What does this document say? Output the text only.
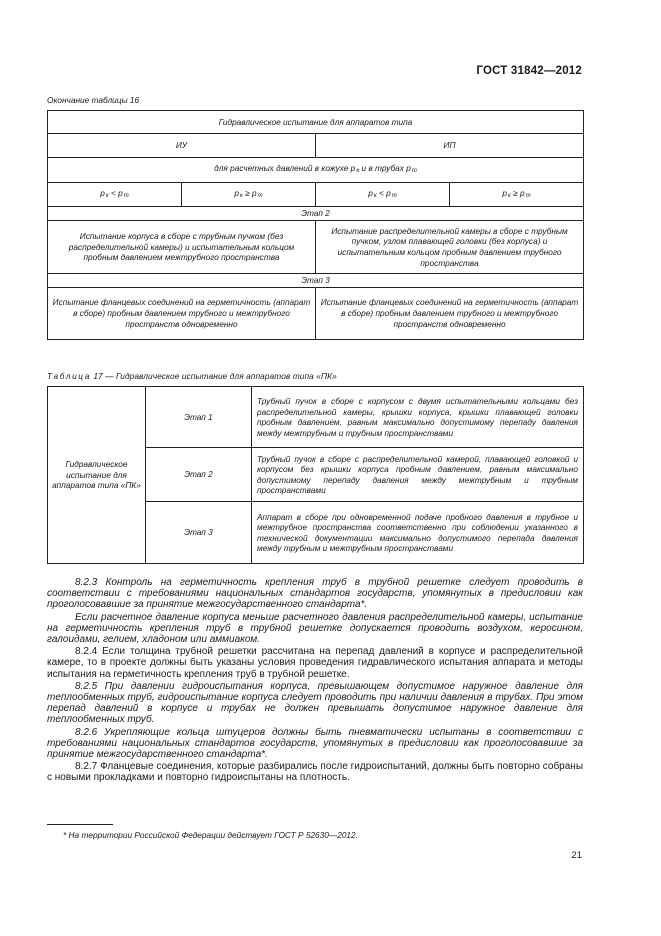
ГОСТ 31842—2012
Окончание таблицы 16
Гидравлическое испытание для аппаратов типа			
ИУ		ИП	
для расчетных давлений в кожухе pк и в трубах pт			
pк < pт	pк ≥ pт	pк < pт	pк ≥ pт
Этап 2			
Испытание корпуса в сборе с трубным пучком (без распределительной камеры) и испытательным кольцом пробным давлением межтрубного пространства		Испытание распределительной камеры в сборе с трубным пучком, узлом плавающей головки (без корпуса) и испытательным кольцом пробным давлением трубного пространства	
Этап 3			
Испытание фланцевых соединений на герметичность (аппарат в сборе) пробным давлением трубного и межтрубного пространств одновременно		Испытание фланцевых соединений на герметичность (аппарат в сборе) пробным давлением трубного и межтрубного пространств одновременно	
Таблица 17 — Гидравлическое испытание для аппаратов типа «ПК»
Гидравлическое испытание для аппаратов типа «ПК»	Этап 1	Трубный пучок в сборе с корпусом с двумя испытательными кольцами без распределительной камеры, крышки корпуса, крышки плавающей головки пробным давлением, равным максимально допустимому перепаду давления между межтрубным и трубным пространствами
	Этап 2	Трубный пучок в сборе с распределительной камерой, плавающей головкой и корпусом без крышки корпуса пробным давлением, равным максимально допустимому перепаду давления между межтрубным и трубным пространствами
	Этап 3	Аппарат в сборе при одновременной подаче пробного давления в трубное и межтрубное пространства соответственно при соблюдении указанного в технической документации максимально допустимого перепада давления между трубным и межтрубным пространствами

8.2.3 Контроль на герметичность крепления труб в трубной решетке следует проводить в соответствии с требованиями национальных стандартов государств, упомянутых в предисловии как проголосовавшие за принятие межгосударственного стандарта*.

Если расчетное давление корпуса меньше расчетного давления распределительной камеры, испытание на герметичность крепления труб в трубной решетке допускается проводить воздухом, керосином, галоидами, гелием, хладоном или аммиаком.

8.2.4 Если толщина трубной решетки рассчитана на перепад давлений в корпусе и распределительной камере, то в проекте должны быть указаны условия проведения гидравлического испытания аппарата и методы испытания на герметичность крепления труб в трубной решетке.

8.2.5 При давлении гидроиспытания корпуса, превышающем допустимое наружное давление для теплообменных труб, гидроиспытание корпуса следует проводить при наличии давления в трубах. При этом перепад давлений в корпусе и трубах не должен превышать допустимое наружное давление для теплообменных труб.

8.2.6 Укрепляющие кольца штуцеров должны быть пневматически испытаны в соответствии с требованиями национальных стандартов государств, упомянутых в предисловии как проголосовавшие за принятие межгосударственного стандарта*.

8.2.7 Фланцевые соединения, которые разбирались после гидроиспытаний, должны быть повторно собраны с новыми прокладками и повторно гидроиспытаны на плотность.

* На территории Российской Федерации действует ГОСТ Р 52630—2012.
21
